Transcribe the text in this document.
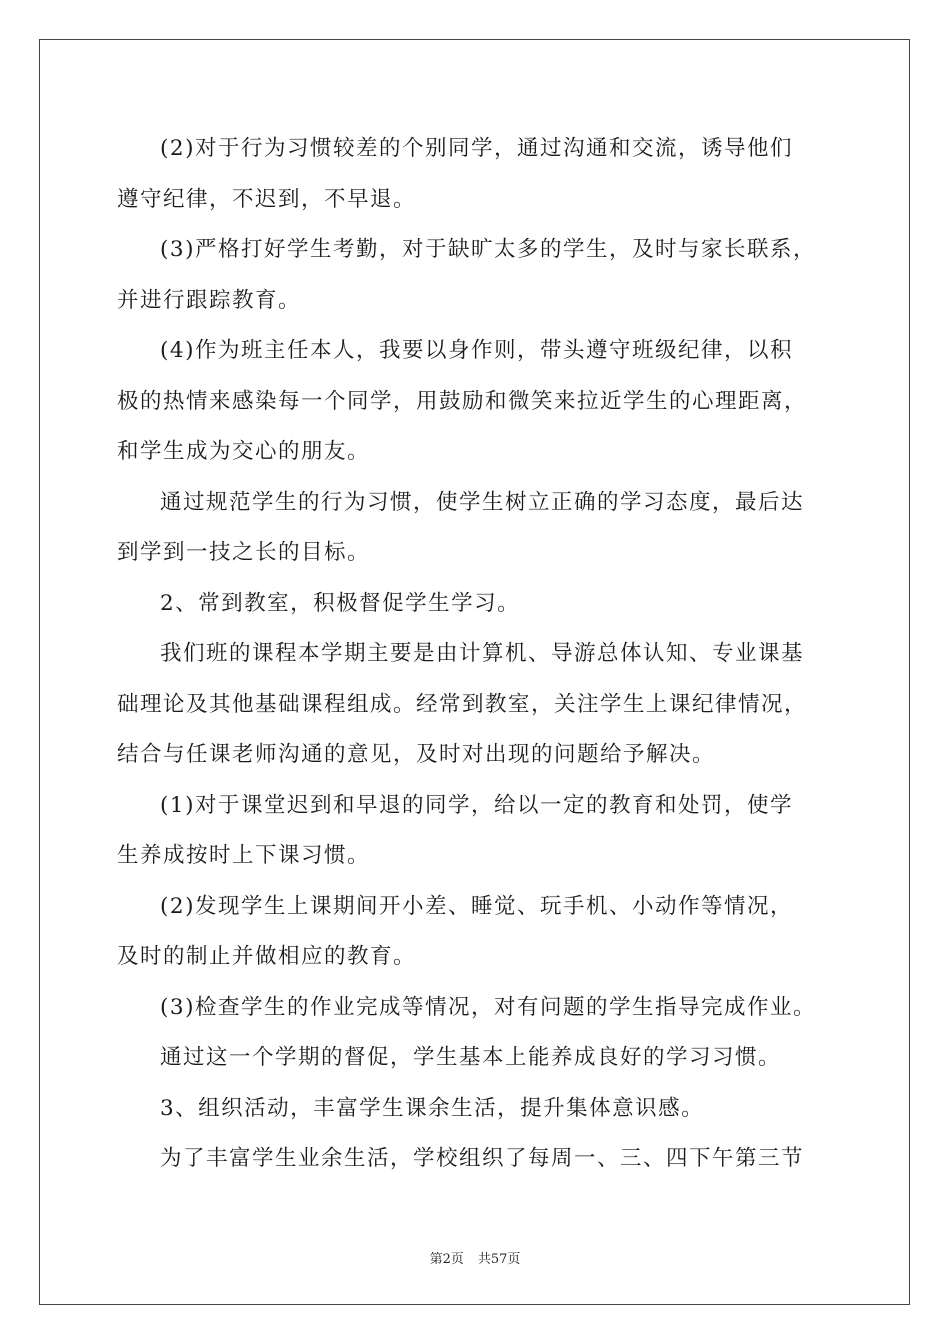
(2)对于行为习惯较差的个别同学，通过沟通和交流，诱导他们
遵守纪律，不迟到，不早退。
(3)严格打好学生考勤，对于缺旷太多的学生，及时与家长联系，
并进行跟踪教育。
(4)作为班主任本人，我要以身作则，带头遵守班级纪律，以积
极的热情来感染每一个同学，用鼓励和微笑来拉近学生的心理距离，
和学生成为交心的朋友。
通过规范学生的行为习惯，使学生树立正确的学习态度，最后达
到学到一技之长的目标。
2、常到教室，积极督促学生学习。
我们班的课程本学期主要是由计算机、导游总体认知、专业课基
础理论及其他基础课程组成。经常到教室，关注学生上课纪律情况，
结合与任课老师沟通的意见，及时对出现的问题给予解决。
(1)对于课堂迟到和早退的同学，给以一定的教育和处罚，使学
生养成按时上下课习惯。
(2)发现学生上课期间开小差、睡觉、玩手机、小动作等情况，
及时的制止并做相应的教育。
(3)检查学生的作业完成等情况，对有问题的学生指导完成作业。
通过这一个学期的督促，学生基本上能养成良好的学习习惯。
3、组织活动，丰富学生课余生活，提升集体意识感。
为了丰富学生业余生活，学校组织了每周一、三、四下午第三节
第2页 共57页
